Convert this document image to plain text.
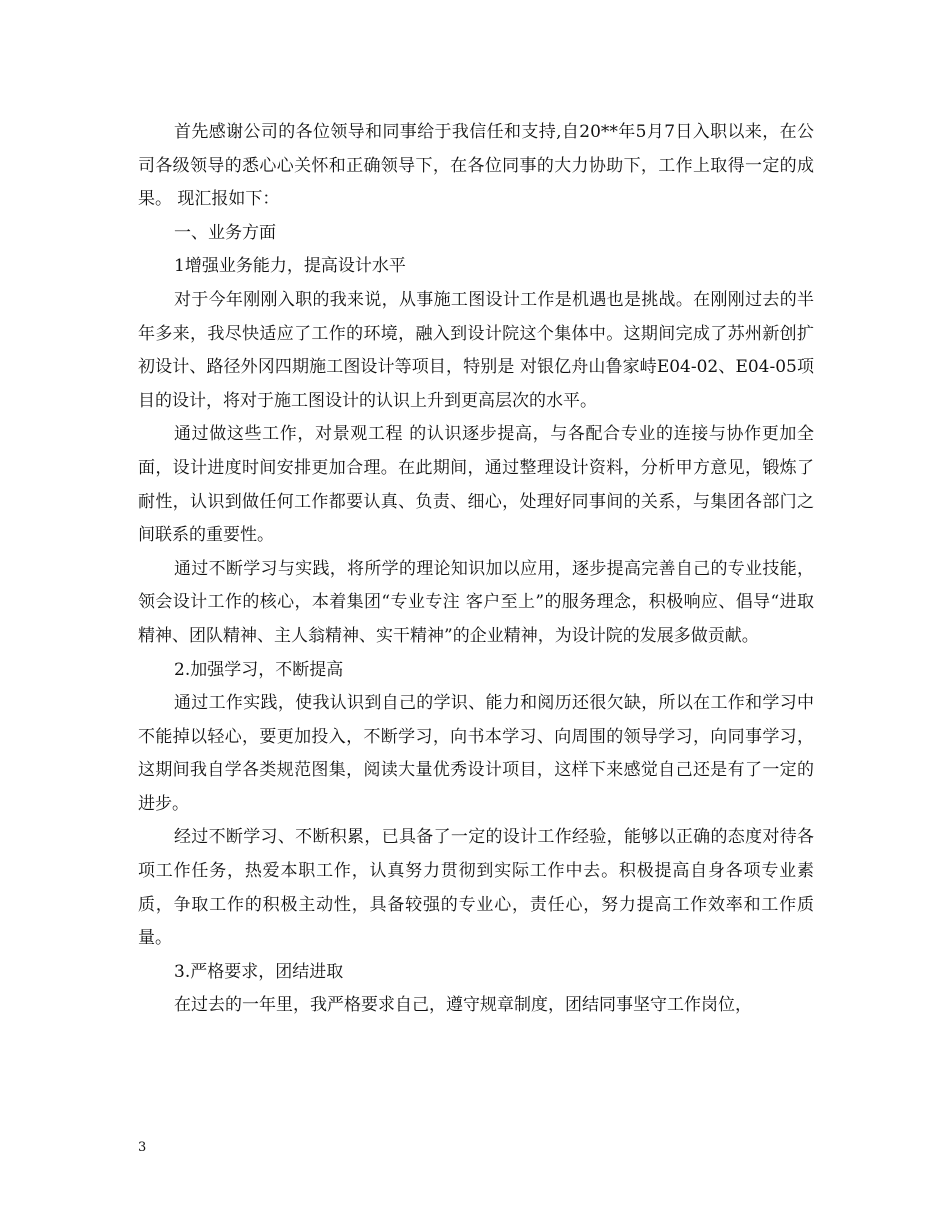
首先感谢公司的各位领导和同事给于我信任和支持,自20**年5月7日入职以来，在公司各级领导的悉心心关怀和正确领导下，在各位同事的大力协助下，工作上取得一定的成果。 现汇报如下：

一、业务方面

1增强业务能力，提高设计水平

对于今年刚刚入职的我来说，从事施工图设计工作是机遇也是挑战。在刚刚过去的半年多来，我尽快适应了工作的环境，融入到设计院这个集体中。这期间完成了苏州新创扩初设计、路径外冈四期施工图设计等项目，特别是 对银亿舟山鲁家峙E04-02、E04-05项目的设计，将对于施工图设计的认识上升到更高层次的水平。

通过做这些工作，对景观工程 的认识逐步提高，与各配合专业的连接与协作更加全面，设计进度时间安排更加合理。在此期间，通过整理设计资料，分析甲方意见，锻炼了耐性，认识到做任何工作都要认真、负责、细心，处理好同事间的关系，与集团各部门之间联系的重要性。

通过不断学习与实践，将所学的理论知识加以应用，逐步提高完善自己的专业技能，领会设计工作的核心，本着集团“专业专注 客户至上”的服务理念，积极响应、倡导“进取精神、团队精神、主人翁精神、实干精神”的企业精神，为设计院的发展多做贡献。

2.加强学习，不断提高

通过工作实践，使我认识到自己的学识、能力和阅历还很欠缺，所以在工作和学习中不能掉以轻心，要更加投入，不断学习，向书本学习、向周围的领导学习，向同事学习，这期间我自学各类规范图集，阅读大量优秀设计项目，这样下来感觉自己还是有了一定的进步。

经过不断学习、不断积累，已具备了一定的设计工作经验，能够以正确的态度对待各项工作任务，热爱本职工作，认真努力贯彻到实际工作中去。积极提高自身各项专业素质，争取工作的积极主动性，具备较强的专业心，责任心，努力提高工作效率和工作质量。

3.严格要求，团结进取

在过去的一年里，我严格要求自己，遵守规章制度，团结同事坚守工作岗位，

3
